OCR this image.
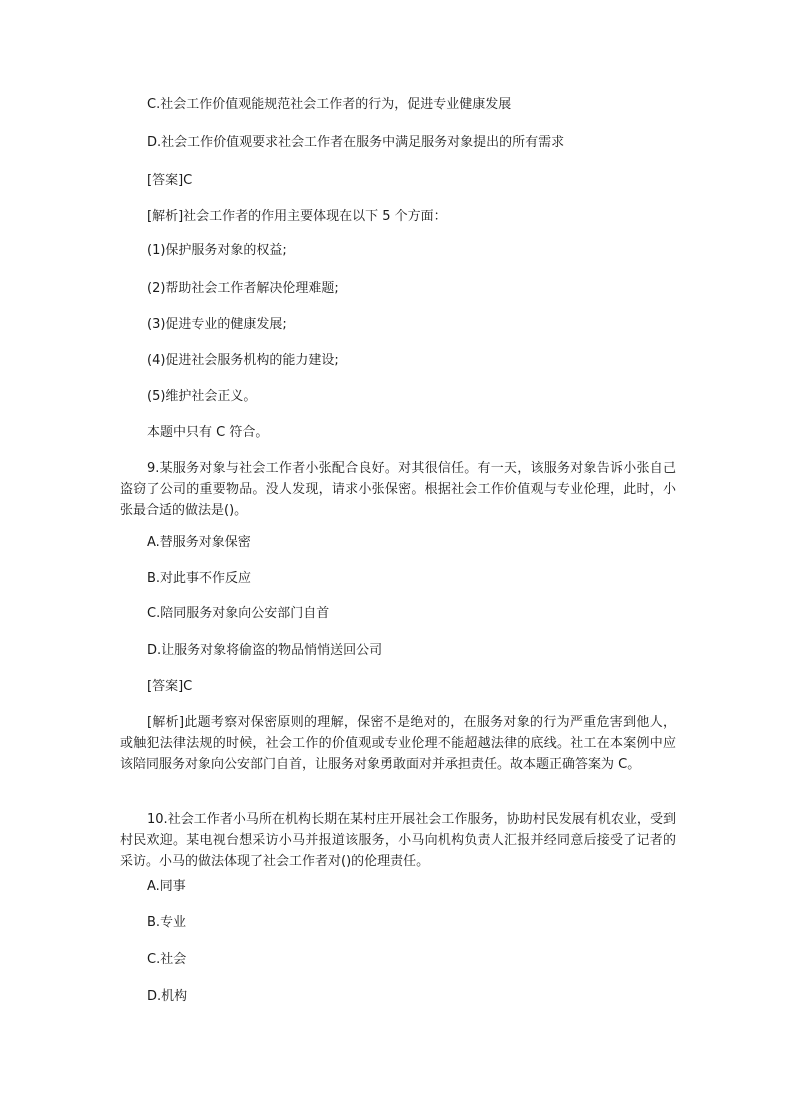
C.社会工作价值观能规范社会工作者的行为，促进专业健康发展

D.社会工作价值观要求社会工作者在服务中满足服务对象提出的所有需求

[答案]C

[解析]社会工作者的作用主要体现在以下 5 个方面：

(1)保护服务对象的权益;

(2)帮助社会工作者解决伦理难题;

(3)促进专业的健康发展;

(4)促进社会服务机构的能力建设;

(5)维护社会正义。

本题中只有 C 符合。

9.某服务对象与社会工作者小张配合良好。对其很信任。有一天，该服务对象告诉小张自己盗窃了公司的重要物品。没人发现，请求小张保密。根据社会工作价值观与专业伦理，此时，小张最合适的做法是()。

A.替服务对象保密

B.对此事不作反应

C.陪同服务对象向公安部门自首

D.让服务对象将偷盗的物品悄悄送回公司

[答案]C

[解析]此题考察对保密原则的理解，保密不是绝对的，在服务对象的行为严重危害到他人，或触犯法律法规的时候，社会工作的价值观或专业伦理不能超越法律的底线。社工在本案例中应该陪同服务对象向公安部门自首，让服务对象勇敢面对并承担责任。故本题正确答案为 C。

10.社会工作者小马所在机构长期在某村庄开展社会工作服务，协助村民发展有机农业，受到村民欢迎。某电视台想采访小马并报道该服务，小马向机构负责人汇报并经同意后接受了记者的采访。小马的做法体现了社会工作者对()的伦理责任。

A.同事

B.专业

C.社会

D.机构
